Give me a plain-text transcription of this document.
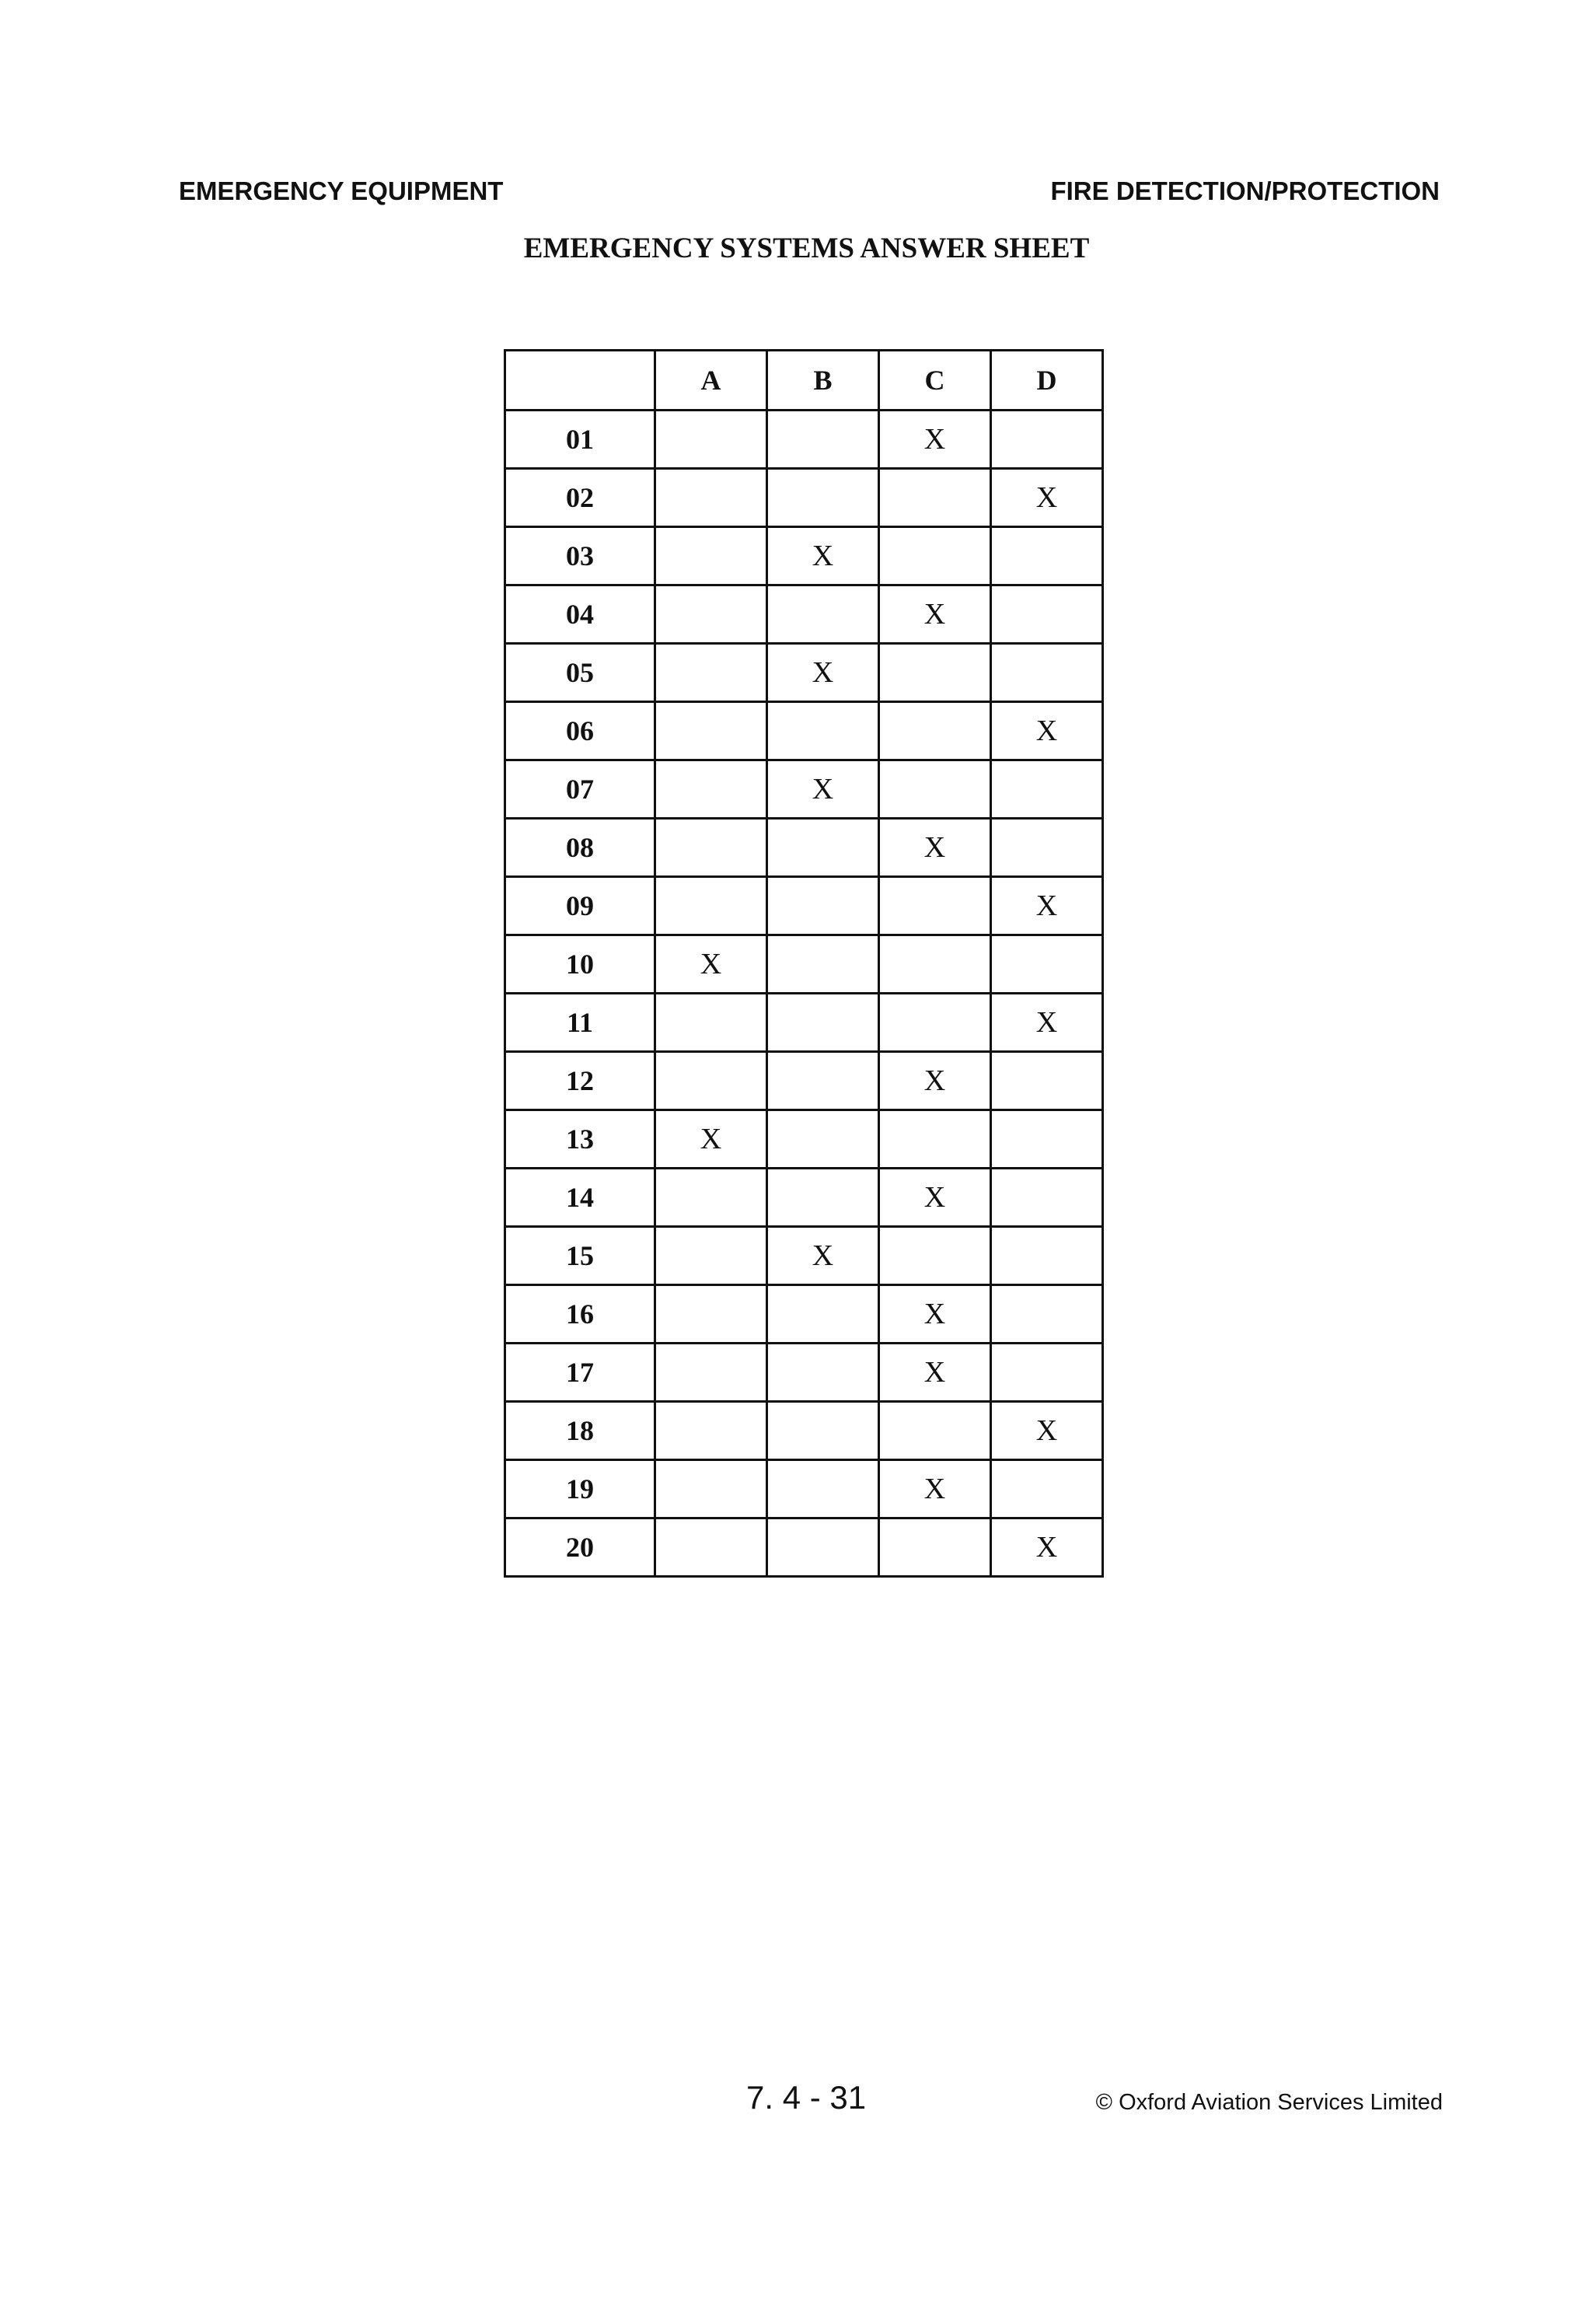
EMERGENCY EQUIPMENT	FIRE DETECTION/PROTECTION
EMERGENCY SYSTEMS ANSWER SHEET
	A	B	C	D
01			X	
02				X
03		X		
04			X	
05		X		
06				X
07		X		
08			X	
09				X
10	X			
11				X
12			X	
13	X			
14			X	
15		X		
16			X	
17			X	
18				X
19			X	
20				X
7. 4 - 31	© Oxford Aviation Services Limited
